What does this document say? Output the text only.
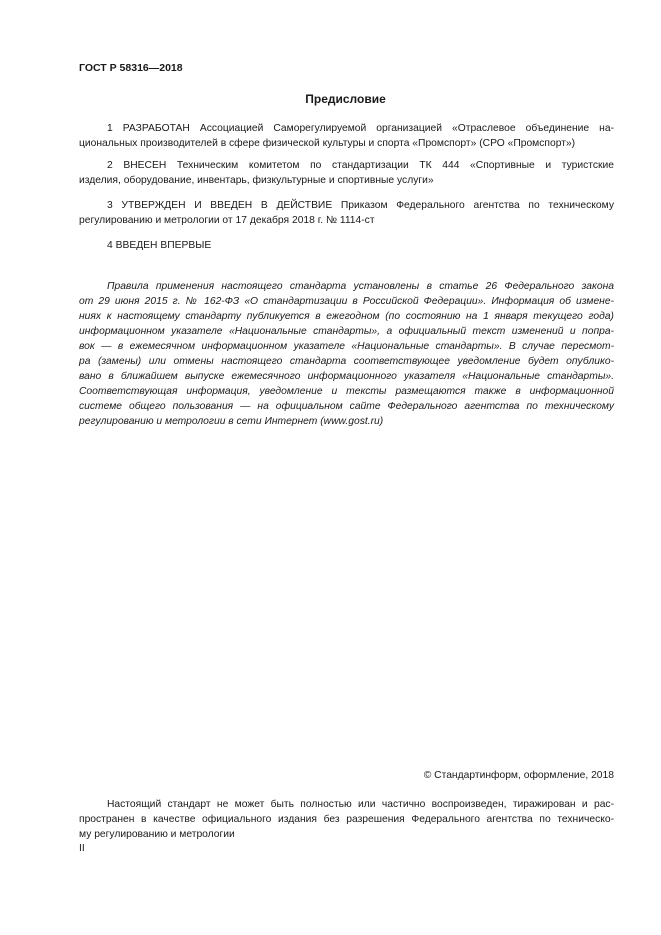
ГОСТ Р 58316—2018
Предисловие
1 РАЗРАБОТАН Ассоциацией Саморегулируемой организацией «Отраслевое объединение на-
циональных производителей в сфере физической культуры и спорта «Промспорт» (СРО «Промспорт»)
2 ВНЕСЕН Техническим комитетом по стандартизации ТК 444 «Спортивные и туристские
изделия, оборудование, инвентарь, физкультурные и спортивные услуги»
3 УТВЕРЖДЕН И ВВЕДЕН В ДЕЙСТВИЕ Приказом Федерального агентства по техническому
регулированию и метрологии от 17 декабря 2018 г. № 1114-ст
4 ВВЕДЕН ВПЕРВЫЕ
Правила применения настоящего стандарта установлены в статье 26 Федерального закона
от 29 июня 2015 г. № 162-ФЗ «О стандартизации в Российской Федерации». Информация об измене-
ниях к настоящему стандарту публикуется в ежегодном (по состоянию на 1 января текущего года)
информационном указателе «Национальные стандарты», а официальный текст изменений и попра-
вок — в ежемесячном информационном указателе «Национальные стандарты». В случае пересмот-
ра (замены) или отмены настоящего стандарта соответствующее уведомление будет опублико-
вано в ближайшем выпуске ежемесячного информационного указателя «Национальные стандарты».
Соответствующая информация, уведомление и тексты размещаются также в информационной
системе общего пользования — на официальном сайте Федерального агентства по техническому
регулированию и метрологии в сети Интернет (www.gost.ru)
© Стандартинформ, оформление, 2018
Настоящий стандарт не может быть полностью или частично воспроизведен, тиражирован и рас-
пространен в качестве официального издания без разрешения Федерального агентства по техническо-
му регулированию и метрологии
II
